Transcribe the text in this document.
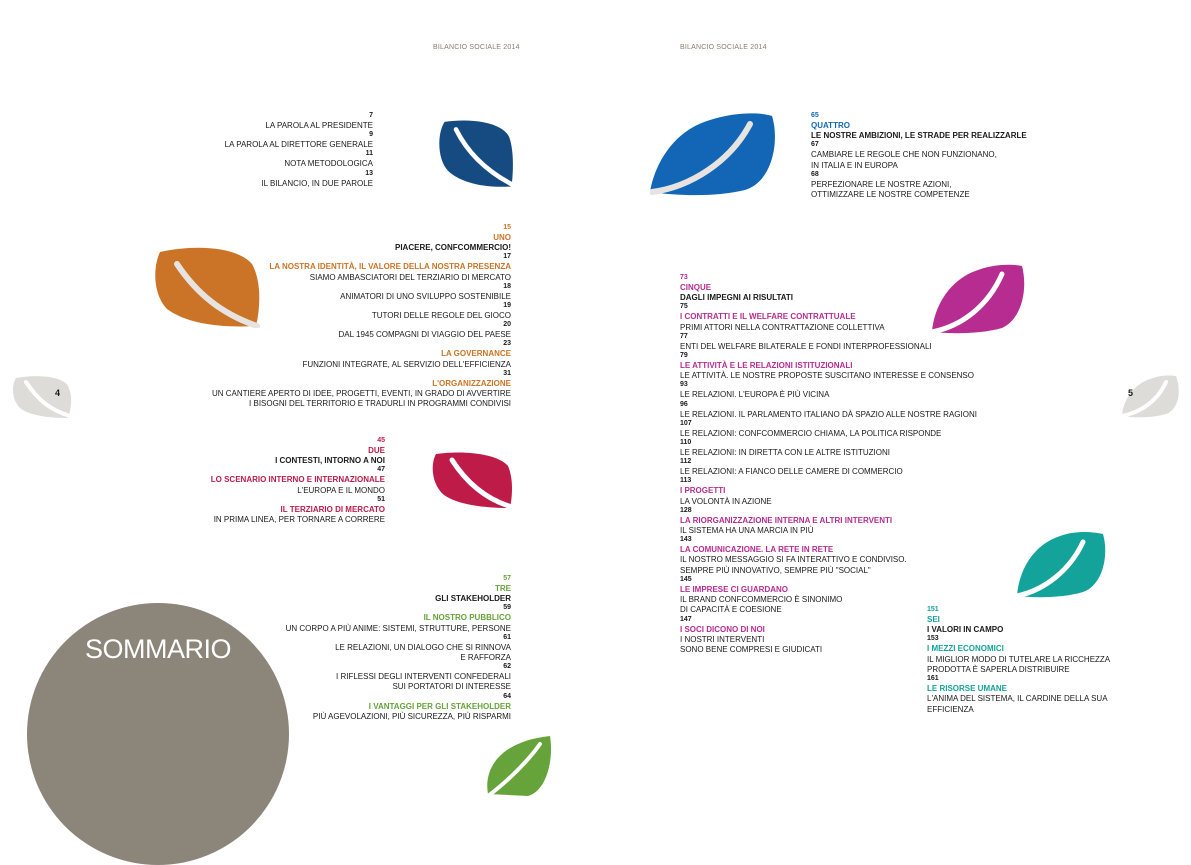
BILANCIO SOCIALE 2014	BILANCIO SOCIALE 2014
4	5
SOMMARIO
7
LA PAROLA AL PRESIDENTE
9
LA PAROLA AL DIRETTORE GENERALE
11
NOTA METODOLOGICA
13
IL BILANCIO, IN DUE PAROLE
15
UNO
PIACERE, CONFCOMMERCIO!
17
LA NOSTRA IDENTITÀ, IL VALORE DELLA NOSTRA PRESENZA
SIAMO AMBASCIATORI DEL TERZIARIO DI MERCATO
18
ANIMATORI DI UNO SVILUPPO SOSTENIBILE
19
TUTORI DELLE REGOLE DEL GIOCO
20
DAL 1945 COMPAGNI DI VIAGGIO DEL PAESE
23
LA GOVERNANCE
FUNZIONI INTEGRATE, AL SERVIZIO DELL'EFFICIENZA
31
L'ORGANIZZAZIONE
UN CANTIERE APERTO DI IDEE, PROGETTI, EVENTI, IN GRADO DI AVVERTIRE
I BISOGNI DEL TERRITORIO E TRADURLI IN PROGRAMMI CONDIVISI
45
DUE
I CONTESTI, INTORNO A NOI
47
LO SCENARIO INTERNO E INTERNAZIONALE
L'EUROPA E IL MONDO
51
IL TERZIARIO DI MERCATO
IN PRIMA LINEA, PER TORNARE A CORRERE
57
TRE
GLI STAKEHOLDER
59
IL NOSTRO PUBBLICO
UN CORPO A PIÙ ANIME: SISTEMI, STRUTTURE, PERSONE
61
LE RELAZIONI, UN DIALOGO CHE SI RINNOVA
E RAFFORZA
62
I RIFLESSI DEGLI INTERVENTI CONFEDERALI
SUI PORTATORI DI INTERESSE
64
I VANTAGGI PER GLI STAKEHOLDER
PIÙ AGEVOLAZIONI, PIÙ SICUREZZA, PIÙ RISPARMI
65
QUATTRO
LE NOSTRE AMBIZIONI, LE STRADE PER REALIZZARLE
67
CAMBIARE LE REGOLE CHE NON FUNZIONANO,
IN ITALIA E IN EUROPA
68
PERFEZIONARE LE NOSTRE AZIONI,
OTTIMIZZARE LE NOSTRE COMPETENZE
73
CINQUE
DAGLI IMPEGNI AI RISULTATI
75
I CONTRATTI E IL WELFARE CONTRATTUALE
PRIMI ATTORI NELLA CONTRATTAZIONE COLLETTIVA
77
ENTI DEL WELFARE BILATERALE E FONDI INTERPROFESSIONALI
79
LE ATTIVITÀ E LE RELAZIONI ISTITUZIONALI
LE ATTIVITÀ. LE NOSTRE PROPOSTE SUSCITANO INTERESSE E CONSENSO
93
LE RELAZIONI. L'EUROPA È PIÙ VICINA
96
LE RELAZIONI. IL PARLAMENTO ITALIANO DÀ SPAZIO ALLE NOSTRE RAGIONI
107
LE RELAZIONI: CONFCOMMERCIO CHIAMA, LA POLITICA RISPONDE
110
LE RELAZIONI: IN DIRETTA CON LE ALTRE ISTITUZIONI
112
LE RELAZIONI: A FIANCO DELLE CAMERE DI COMMERCIO
113
I PROGETTI
LA VOLONTÀ IN AZIONE
128
LA RIORGANIZZAZIONE INTERNA E ALTRI INTERVENTI
IL SISTEMA HA UNA MARCIA IN PIÙ
143
LA COMUNICAZIONE. LA RETE IN RETE
IL NOSTRO MESSAGGIO SI FA INTERATTIVO E CONDIVISO.
SEMPRE PIÙ INNOVATIVO, SEMPRE PIÙ "SOCIAL"
145
LE IMPRESE CI GUARDANO
IL BRAND CONFCOMMERCIO È SINONIMO
DI CAPACITÀ E COESIONE
147
I SOCI DICONO DI NOI
I NOSTRI INTERVENTI
SONO BENE COMPRESI E GIUDICATI
151
SEI
I VALORI IN CAMPO
153
I MEZZI ECONOMICI
IL MIGLIOR MODO DI TUTELARE LA RICCHEZZA
PRODOTTA È SAPERLA DISTRIBUIRE
161
LE RISORSE UMANE
L'ANIMA DEL SISTEMA, IL CARDINE DELLA SUA
EFFICIENZA
